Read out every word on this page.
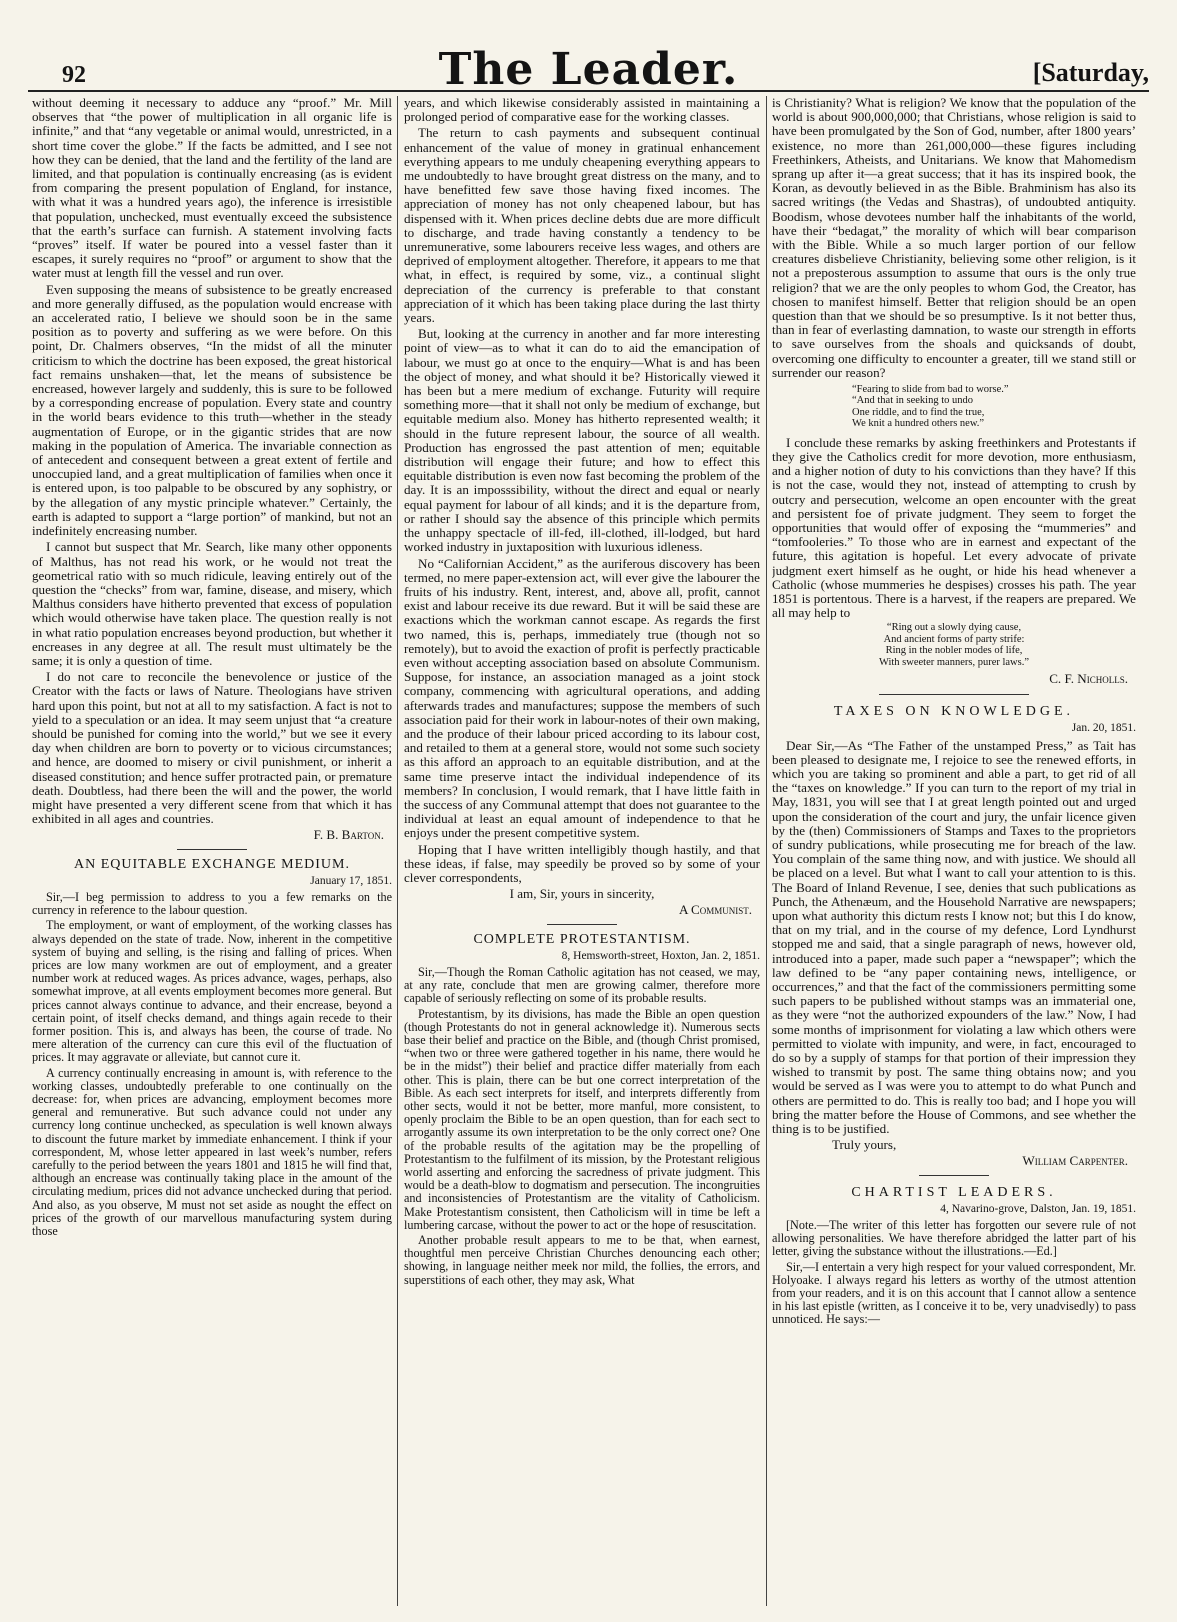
92	The Leader.	[Saturday,

without deeming it necessary to adduce any “proof.” Mr. Mill observes that “the power of multiplication in all organic life is infinite,” and that “any vegetable or animal would, unrestricted, in a short time cover the globe.” If the facts be admitted, and I see not how they can be denied, that the land and the fertility of the land are limited, and that population is continually encreasing (as is evident from comparing the present population of England, for instance, with what it was a hundred years ago), the inference is irresistible that population, unchecked, must eventually exceed the subsistence that the earth’s surface can furnish. A statement involving facts “proves” itself. If water be poured into a vessel faster than it escapes, it surely requires no “proof” or argument to show that the water must at length fill the vessel and run over.

Even supposing the means of subsistence to be greatly encreased and more generally diffused, as the population would encrease with an accelerated ratio, I believe we should soon be in the same position as to poverty and suffering as we were before. On this point, Dr. Chalmers observes, “In the midst of all the minuter criticism to which the doctrine has been exposed, the great historical fact remains unshaken—that, let the means of subsistence be encreased, however largely and suddenly, this is sure to be followed by a corresponding encrease of population. Every state and country in the world bears evidence to this truth—whether in the steady augmentation of Europe, or in the gigantic strides that are now making in the population of America. The invariable connection as of antecedent and consequent between a great extent of fertile and unoccupied land, and a great multiplication of families when once it is entered upon, is too palpable to be obscured by any sophistry, or by the allegation of any mystic principle whatever.” Certainly, the earth is adapted to support a “large portion” of mankind, but not an indefinitely encreasing number.

I cannot but suspect that Mr. Search, like many other opponents of Malthus, has not read his work, or he would not treat the geometrical ratio with so much ridicule, leaving entirely out of the question the “checks” from war, famine, disease, and misery, which Malthus considers have hitherto prevented that excess of population which would otherwise have taken place. The question really is not in what ratio population encreases beyond production, but whether it encreases in any degree at all. The result must ultimately be the same; it is only a question of time.

I do not care to reconcile the benevolence or justice of the Creator with the facts or laws of Nature. Theologians have striven hard upon this point, but not at all to my satisfaction. A fact is not to yield to a speculation or an idea. It may seem unjust that “a creature should be punished for coming into the world,” but we see it every day when children are born to poverty or to vicious circumstances; and hence, are doomed to misery or civil punishment, or inherit a diseased constitution; and hence suffer protracted pain, or premature death. Doubtless, had there been the will and the power, the world might have presented a very different scene from that which it has exhibited in all ages and countries.

F. B. Barton.
AN EQUITABLE EXCHANGE MEDIUM.
January 17, 1851.

Sir,—I beg permission to address to you a few remarks on the currency in reference to the labour question.

The employment, or want of employment, of the working classes has always depended on the state of trade. Now, inherent in the competitive system of buying and selling, is the rising and falling of prices. When prices are low many workmen are out of employment, and a greater number work at reduced wages. As prices advance, wages, perhaps, also somewhat improve, at all events employment becomes more general. But prices cannot always continue to advance, and their encrease, beyond a certain point, of itself checks demand, and things again recede to their former position. This is, and always has been, the course of trade. No mere alteration of the currency can cure this evil of the fluctuation of prices. It may aggravate or alleviate, but cannot cure it.

A currency continually encreasing in amount is, with reference to the working classes, undoubtedly preferable to one continually on the decrease: for, when prices are advancing, employment becomes more general and remunerative. But such advance could not under any currency long continue unchecked, as speculation is well known always to discount the future market by immediate enhancement. I think if your correspondent, M, whose letter appeared in last week’s number, refers carefully to the period between the years 1801 and 1815 he will find that, although an encrease was continually taking place in the amount of the circulating medium, prices did not advance unchecked during that period. And also, as you observe, M must not set aside as nought the effect on prices of the growth of our marvellous manufacturing system during those

years, and which likewise considerably assisted in maintaining a prolonged period of comparative ease for the working classes.

The return to cash payments and subsequent continual enhancement of the value of money in gratinual enhancement everything appears to me unduly cheapening everything appears to me undoubtedly to have brought great distress on the many, and to have benefitted few save those having fixed incomes. The appreciation of money has not only cheapened labour, but has dispensed with it. When prices decline debts due are more difficult to discharge, and trade having constantly a tendency to be unremunerative, some labourers receive less wages, and others are deprived of employment altogether. Therefore, it appears to me that what, in effect, is required by some, viz., a continual slight depreciation of the currency is preferable to that constant appreciation of it which has been taking place during the last thirty years.

But, looking at the currency in another and far more interesting point of view—as to what it can do to aid the emancipation of labour, we must go at once to the enquiry—What is and has been the object of money, and what should it be? Historically viewed it has been but a mere medium of exchange. Futurity will require something more—that it shall not only be medium of exchange, but equitable medium also. Money has hitherto represented wealth; it should in the future represent labour, the source of all wealth. Production has engrossed the past attention of men; equitable distribution will engage their future; and how to effect this equitable distribution is even now fast becoming the problem of the day. It is an imposssibility, without the direct and equal or nearly equal payment for labour of all kinds; and it is the departure from, or rather I should say the absence of this principle which permits the unhappy spectacle of ill-fed, ill-clothed, ill-lodged, but hard worked industry in juxtaposition with luxurious idleness.

No “Californian Accident,” as the auriferous discovery has been termed, no mere paper-extension act, will ever give the labourer the fruits of his industry. Rent, interest, and, above all, profit, cannot exist and labour receive its due reward. But it will be said these are exactions which the workman cannot escape. As regards the first two named, this is, perhaps, immediately true (though not so remotely), but to avoid the exaction of profit is perfectly practicable even without accepting association based on absolute Communism. Suppose, for instance, an association managed as a joint stock company, commencing with agricultural operations, and adding afterwards trades and manufactures; suppose the members of such association paid for their work in labour-notes of their own making, and the produce of their labour priced according to its labour cost, and retailed to them at a general store, would not some such society as this afford an approach to an equitable distribution, and at the same time preserve intact the individual independence of its members? In conclusion, I would remark, that I have little faith in the success of any Communal attempt that does not guarantee to the individual at least an equal amount of independence to that he enjoys under the present competitive system.

Hoping that I have written intelligibly though hastily, and that these ideas, if false, may speedily be proved so by some of your clever correspondents,

I am, Sir, yours in sincerity,
A Communist.
COMPLETE PROTESTANTISM.
8, Hemsworth-street, Hoxton, Jan. 2, 1851.

Sir,—Though the Roman Catholic agitation has not ceased, we may, at any rate, conclude that men are growing calmer, therefore more capable of seriously reflecting on some of its probable results.

Protestantism, by its divisions, has made the Bible an open question (though Protestants do not in general acknowledge it). Numerous sects base their belief and practice on the Bible, and (though Christ promised, “when two or three were gathered together in his name, there would he be in the midst”) their belief and practice differ materially from each other. This is plain, there can be but one correct interpretation of the Bible. As each sect interprets for itself, and interprets differently from other sects, would it not be better, more manful, more consistent, to openly proclaim the Bible to be an open question, than for each sect to arrogantly assume its own interpretation to be the only correct one? One of the probable results of the agitation may be the propelling of Protestantism to the fulfilment of its mission, by the Protestant religious world asserting and enforcing the sacredness of private judgment. This would be a death-blow to dogmatism and persecution. The incongruities and inconsistencies of Protestantism are the vitality of Catholicism. Make Protestantism consistent, then Catholicism will in time be left a lumbering carcase, without the power to act or the hope of resuscitation.

Another probable result appears to me to be that, when earnest, thoughtful men perceive Christian Churches denouncing each other; showing, in language neither meek nor mild, the follies, the errors, and superstitions of each other, they may ask, What

is Christianity? What is religion? We know that the population of the world is about 900,000,000; that Christians, whose religion is said to have been promulgated by the Son of God, number, after 1800 years’ existence, no more than 261,000,000—these figures including Freethinkers, Atheists, and Unitarians. We know that Mahomedism sprang up after it—a great success; that it has its inspired book, the Koran, as devoutly believed in as the Bible. Brahminism has also its sacred writings (the Vedas and Shastras), of undoubted antiquity. Boodism, whose devotees number half the inhabitants of the world, have their “bedagat,” the morality of which will bear comparison with the Bible. While a so much larger portion of our fellow creatures disbelieve Christianity, believing some other religion, is it not a preposterous assumption to assume that ours is the only true religion? that we are the only peoples to whom God, the Creator, has chosen to manifest himself. Better that religion should be an open question than that we should be so presumptive. Is it not better thus, than in fear of everlasting damnation, to waste our strength in efforts to save ourselves from the shoals and quicksands of doubt, overcoming one difficulty to encounter a greater, till we stand still or surrender our reason?

“Fearing to slide from bad to worse.”
“And that in seeking to undo
One riddle, and to find the true,
We knit a hundred others new.”

I conclude these remarks by asking freethinkers and Protestants if they give the Catholics credit for more devotion, more enthusiasm, and a higher notion of duty to his convictions than they have? If this is not the case, would they not, instead of attempting to crush by outcry and persecution, welcome an open encounter with the great and persistent foe of private judgment. They seem to forget the opportunities that would offer of exposing the “mummeries” and “tomfooleries.” To those who are in earnest and expectant of the future, this agitation is hopeful. Let every advocate of private judgment exert himself as he ought, or hide his head whenever a Catholic (whose mummeries he despises) crosses his path. The year 1851 is portentous. There is a harvest, if the reapers are prepared. We all may help to

“Ring out a slowly dying cause,
And ancient forms of party strife:
Ring in the nobler modes of life,
With sweeter manners, purer laws.”
C. F. Nicholls.
TAXES ON KNOWLEDGE.
Jan. 20, 1851.

Dear Sir,—As “The Father of the unstamped Press,” as Tait has been pleased to designate me, I rejoice to see the renewed efforts, in which you are taking so prominent and able a part, to get rid of all the “taxes on knowledge.” If you can turn to the report of my trial in May, 1831, you will see that I at great length pointed out and urged upon the consideration of the court and jury, the unfair licence given by the (then) Commissioners of Stamps and Taxes to the proprietors of sundry publications, while prosecuting me for breach of the law. You complain of the same thing now, and with justice. We should all be placed on a level. But what I want to call your attention to is this. The Board of Inland Revenue, I see, denies that such publications as Punch, the Athenæum, and the Household Narrative are newspapers; upon what authority this dictum rests I know not; but this I do know, that on my trial, and in the course of my defence, Lord Lyndhurst stopped me and said, that a single paragraph of news, however old, introduced into a paper, made such paper a “newspaper”; which the law defined to be “any paper containing news, intelligence, or occurrences,” and that the fact of the commissioners permitting some such papers to be published without stamps was an immaterial one, as they were “not the authorized expounders of the law.” Now, I had some months of imprisonment for violating a law which others were permitted to violate with impunity, and were, in fact, encouraged to do so by a supply of stamps for that portion of their impression they wished to transmit by post. The same thing obtains now; and you would be served as I was were you to attempt to do what Punch and others are permitted to do. This is really too bad; and I hope you will bring the matter before the House of Commons, and see whether the thing is to be justified.

Truly yours,
William Carpenter.
CHARTIST LEADERS.
4, Navarino-grove, Dalston, Jan. 19, 1851.

[Note.—The writer of this letter has forgotten our severe rule of not allowing personalities. We have therefore abridged the latter part of his letter, giving the substance without the illustrations.—Ed.]

Sir,—I entertain a very high respect for your valued correspondent, Mr. Holyoake. I always regard his letters as worthy of the utmost attention from your readers, and it is on this account that I cannot allow a sentence in his last epistle (written, as I conceive it to be, very unadvisedly) to pass unnoticed. He says:—
